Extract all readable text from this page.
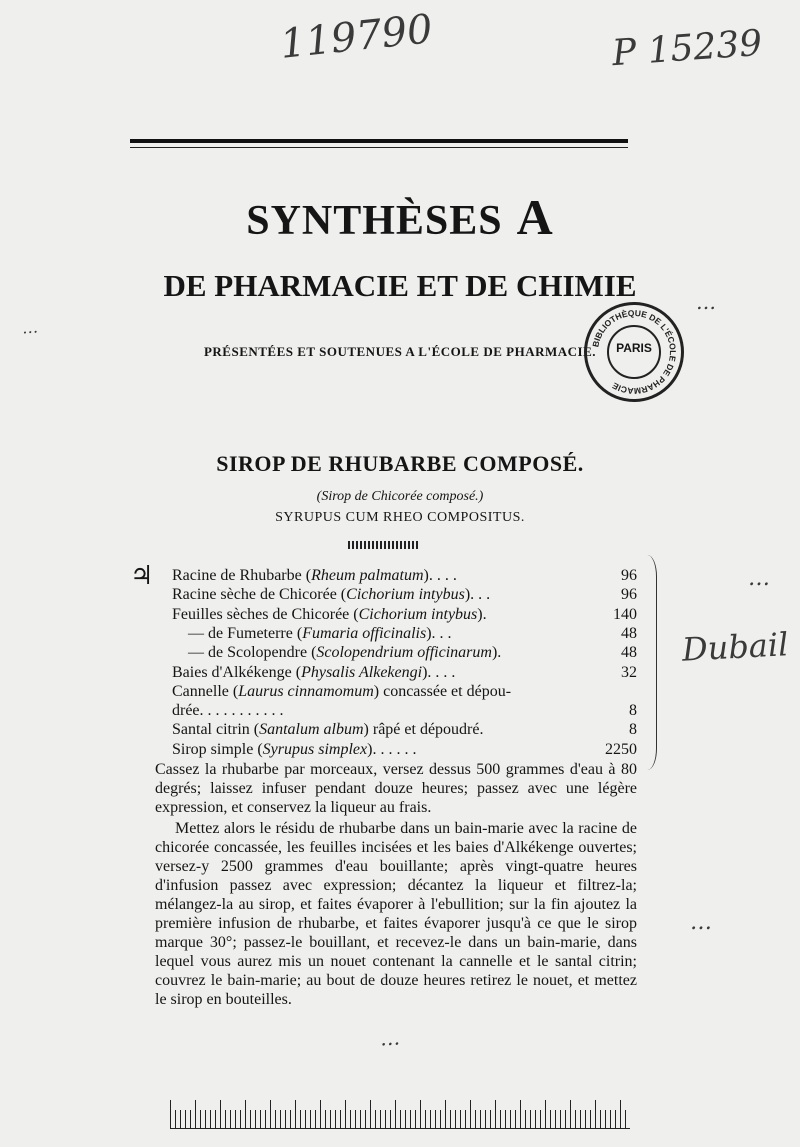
119790	P 15239
SYNTHÈSES A
DE PHARMACIE ET DE CHIMIE
PRÉSENTÉES ET SOUTENUES A L'ÉCOLE DE PHARMACIE.
BIBLIOTHÈQUE DE L'ÉCOLE DE PHARMACIE
PARIS
…
…
Dubail
…
…
…
SIROP DE RHUBARBE COMPOSÉ.
(Sirop de Chicorée composé.)
SYRUPUS CUM RHEO COMPOSITUS.
♃ Racine de Rhubarbe (Rheum palmatum). . . .	96
Racine sèche de Chicorée (Cichorium intybus). . .	96
Feuilles sèches de Chicorée (Cichorium intybus).	140
— de Fumeterre (Fumaria officinalis). . .	48
— de Scolopendre (Scolopendrium officinarum).	48
Baies d'Alkékenge (Physalis Alkekengi). . . .	32
Cannelle (Laurus cinnamomum) concassée et dépou-
drée. . . . . . . . . . .	8
Santal citrin (Santalum album) râpé et dépoudré.	8
Sirop simple (Syrupus simplex). . . . . .	2250

Cassez la rhubarbe par morceaux, versez dessus 500 grammes d'eau à 80 degrés; laissez infuser pendant douze heures; passez avec une légère expression, et conservez la liqueur au frais.

Mettez alors le résidu de rhubarbe dans un bain-marie avec la racine de chicorée concassée, les feuilles incisées et les baies d'Alkékenge ouvertes; versez-y 2500 grammes d'eau bouillante; après vingt-quatre heures d'infusion passez avec expression; décantez la liqueur et filtrez-la; mélangez-la au sirop, et faites évaporer à l'ebullition; sur la fin ajoutez la première infusion de rhubarbe, et faites évaporer jusqu'à ce que le sirop marque 30°; passez-le bouillant, et recevez-le dans un bain-marie, dans lequel vous aurez mis un nouet contenant la cannelle et le santal citrin; couvrez le bain-marie; au bout de douze heures retirez le nouet, et mettez le sirop en bouteilles.
